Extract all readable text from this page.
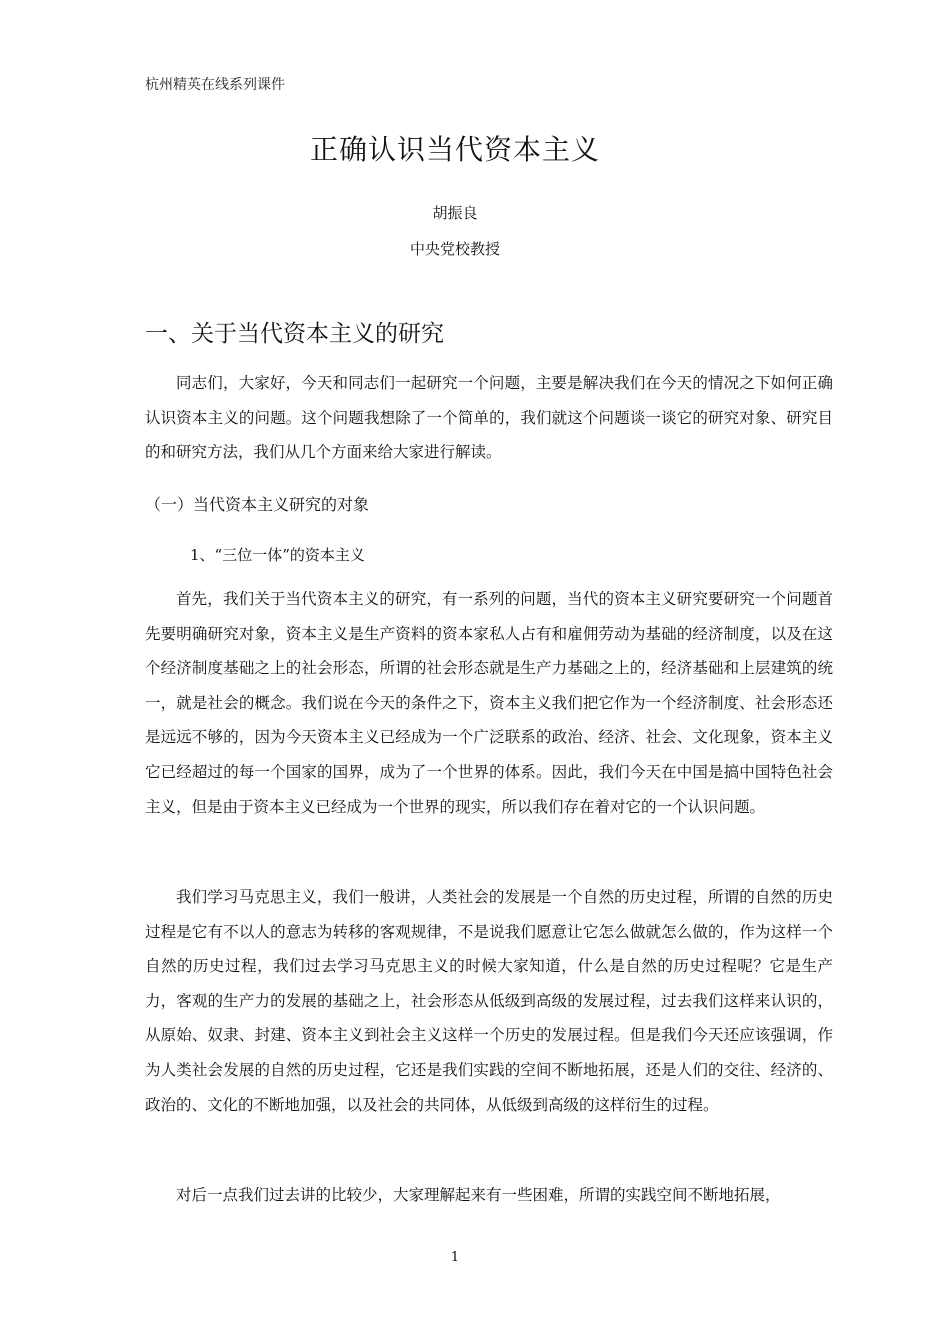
杭州精英在线系列课件
正确认识当代资本主义
胡振良
中央党校教授
一、关于当代资本主义的研究

同志们，大家好，今天和同志们一起研究一个问题，主要是解决我们在今天的情况之下如何正确认识资本主义的问题。这个问题我想除了一个简单的，我们就这个问题谈一谈它的研究对象、研究目的和研究方法，我们从几个方面来给大家进行解读。

（一）当代资本主义研究的对象
1、“三位一体”的资本主义

首先，我们关于当代资本主义的研究，有一系列的问题，当代的资本主义研究要研究一个问题首先要明确研究对象，资本主义是生产资料的资本家私人占有和雇佣劳动为基础的经济制度，以及在这个经济制度基础之上的社会形态，所谓的社会形态就是生产力基础之上的，经济基础和上层建筑的统一，就是社会的概念。我们说在今天的条件之下，资本主义我们把它作为一个经济制度、社会形态还是远远不够的，因为今天资本主义已经成为一个广泛联系的政治、经济、社会、文化现象，资本主义它已经超过的每一个国家的国界，成为了一个世界的体系。因此，我们今天在中国是搞中国特色社会主义，但是由于资本主义已经成为一个世界的现实，所以我们存在着对它的一个认识问题。

我们学习马克思主义，我们一般讲，人类社会的发展是一个自然的历史过程，所谓的自然的历史过程是它有不以人的意志为转移的客观规律，不是说我们愿意让它怎么做就怎么做的，作为这样一个自然的历史过程，我们过去学习马克思主义的时候大家知道，什么是自然的历史过程呢？它是生产力，客观的生产力的发展的基础之上，社会形态从低级到高级的发展过程，过去我们这样来认识的，从原始、奴隶、封建、资本主义到社会主义这样一个历史的发展过程。但是我们今天还应该强调，作为人类社会发展的自然的历史过程，它还是我们实践的空间不断地拓展，还是人们的交往、经济的、政治的、文化的不断地加强，以及社会的共同体，从低级到高级的这样衍生的过程。

对后一点我们过去讲的比较少，大家理解起来有一些困难，所谓的实践空间不断地拓展，

1
